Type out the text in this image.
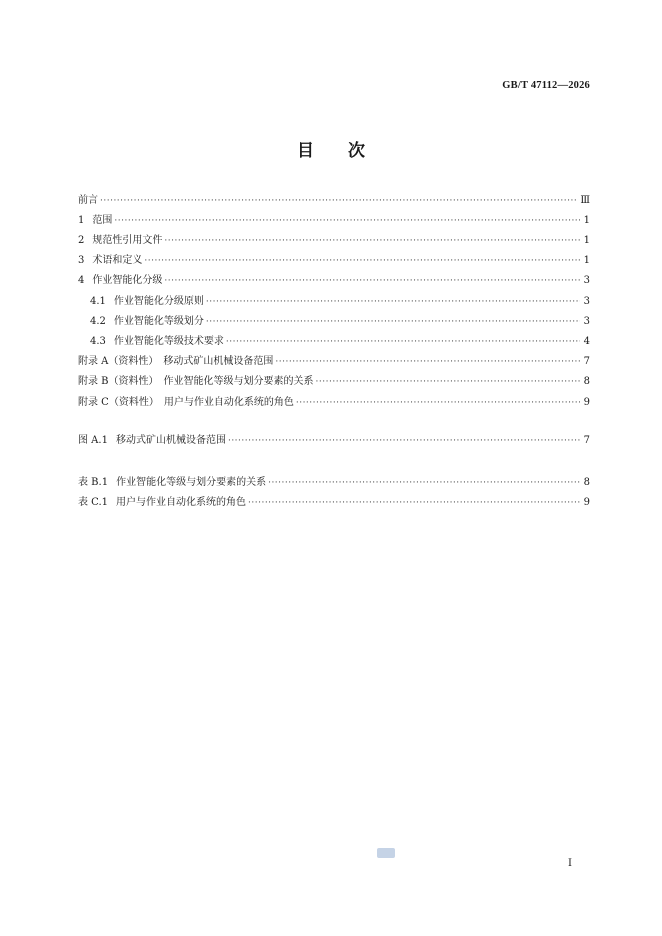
GB/T 47112—2026
目　　次
前言 ·····	Ⅲ
1 范围 ·····	1
2 规范性引用文件 ·····	1
3 术语和定义 ·····	1
4 作业智能化分级 ·····	3
4.1 作业智能化分级原则 ·····	3
4.2 作业智能化等级划分 ·····	3
4.3 作业智能化等级技术要求 ·····	4
附录 A（资料性）　移动式矿山机械设备范围 ·····	7
附录 B（资料性）　作业智能化等级与划分要素的关系 ·····	8
附录 C（资料性）　用户与作业自动化系统的角色 ·····	9
图 A.1 移动式矿山机械设备范围 ·····	7
表 B.1 作业智能化等级与划分要素的关系 ·····	8
表 C.1 用户与作业自动化系统的角色 ·····	9
I
